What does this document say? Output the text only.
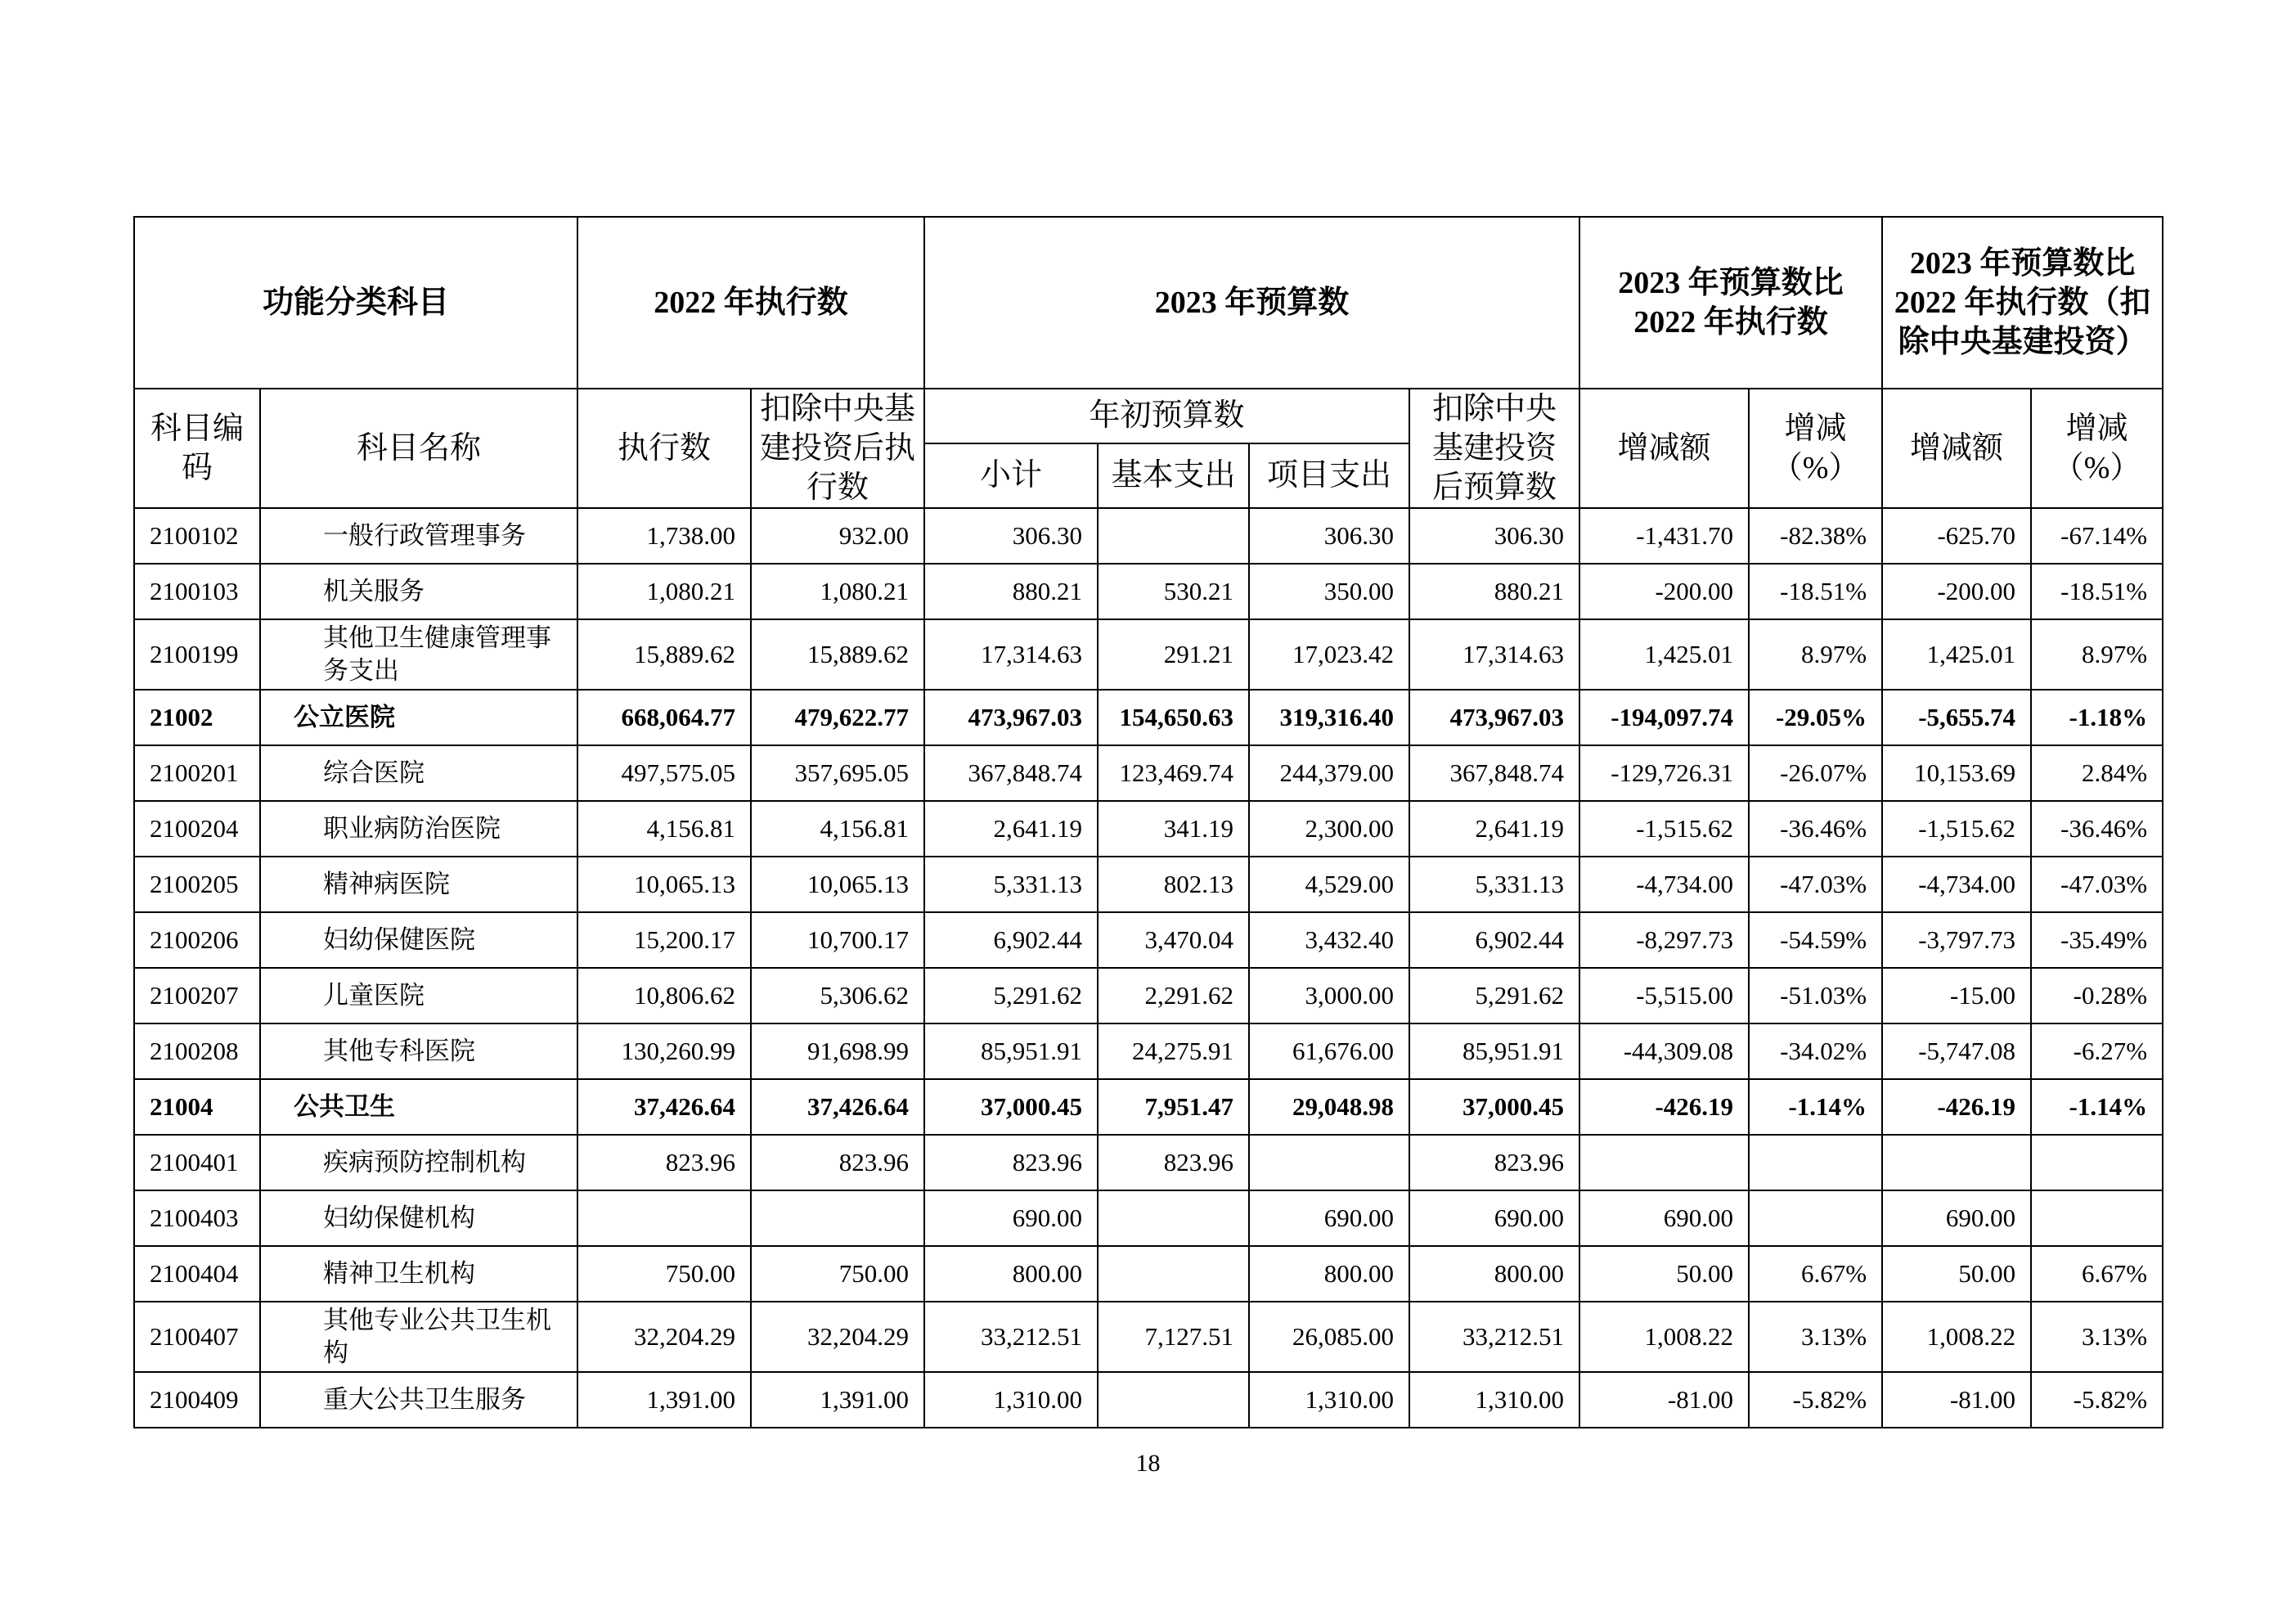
功能分类科目		2022 年执行数		2023 年预算数				2023 年预算数比 2022 年执行数		2023 年预算数比 2022 年执行数（扣除中央基建投资）	
科目编码	科目名称	执行数	扣除中央基建投资后执行数	年初预算数			扣除中央基建投资后预算数	增减额	增减（%）	增减额	增减（%）
				小计	基本支出	项目支出					
2100102	一般行政管理事务	1,738.00	932.00	306.30		306.30	306.30	-1,431.70	-82.38%	-625.70	-67.14%
2100103	机关服务	1,080.21	1,080.21	880.21	530.21	350.00	880.21	-200.00	-18.51%	-200.00	-18.51%
2100199	其他卫生健康管理事务支出	15,889.62	15,889.62	17,314.63	291.21	17,023.42	17,314.63	1,425.01	8.97%	1,425.01	8.97%
21002	公立医院	668,064.77	479,622.77	473,967.03	154,650.63	319,316.40	473,967.03	-194,097.74	-29.05%	-5,655.74	-1.18%
2100201	综合医院	497,575.05	357,695.05	367,848.74	123,469.74	244,379.00	367,848.74	-129,726.31	-26.07%	10,153.69	2.84%
2100204	职业病防治医院	4,156.81	4,156.81	2,641.19	341.19	2,300.00	2,641.19	-1,515.62	-36.46%	-1,515.62	-36.46%
2100205	精神病医院	10,065.13	10,065.13	5,331.13	802.13	4,529.00	5,331.13	-4,734.00	-47.03%	-4,734.00	-47.03%
2100206	妇幼保健医院	15,200.17	10,700.17	6,902.44	3,470.04	3,432.40	6,902.44	-8,297.73	-54.59%	-3,797.73	-35.49%
2100207	儿童医院	10,806.62	5,306.62	5,291.62	2,291.62	3,000.00	5,291.62	-5,515.00	-51.03%	-15.00	-0.28%
2100208	其他专科医院	130,260.99	91,698.99	85,951.91	24,275.91	61,676.00	85,951.91	-44,309.08	-34.02%	-5,747.08	-6.27%
21004	公共卫生	37,426.64	37,426.64	37,000.45	7,951.47	29,048.98	37,000.45	-426.19	-1.14%	-426.19	-1.14%
2100401	疾病预防控制机构	823.96	823.96	823.96	823.96		823.96				
2100403	妇幼保健机构			690.00		690.00	690.00	690.00		690.00	
2100404	精神卫生机构	750.00	750.00	800.00		800.00	800.00	50.00	6.67%	50.00	6.67%
2100407	其他专业公共卫生机构	32,204.29	32,204.29	33,212.51	7,127.51	26,085.00	33,212.51	1,008.22	3.13%	1,008.22	3.13%
2100409	重大公共卫生服务	1,391.00	1,391.00	1,310.00		1,310.00	1,310.00	-81.00	-5.82%	-81.00	-5.82%
18
